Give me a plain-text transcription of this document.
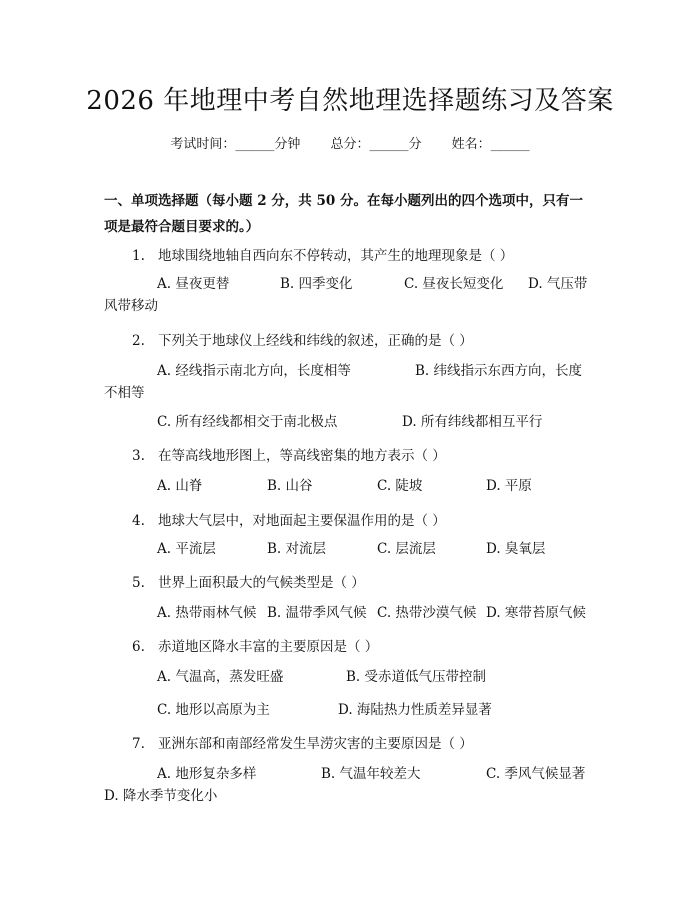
2026 年地理中考自然地理选择题练习及答案
考试时间：______分钟 总分：______分 姓名：______
一、单项选择题（每小题 2 分，共 50 分。在每小题列出的四个选项中，只有一项是最符合题目要求的。）
1. 地球围绕地轴自西向东不停转动，其产生的地理现象是（ ）
A. 昼夜更替	B. 四季变化	C. 昼夜长短变化	D. 气压带风带移动
2. 下列关于地球仪上经线和纬线的叙述，正确的是（ ）
A. 经线指示南北方向，长度相等	B. 纬线指示东西方向，长度不相等
C. 所有经线都相交于南北极点	D. 所有纬线都相互平行
3. 在等高线地形图上，等高线密集的地方表示（ ）
A. 山脊	B. 山谷	C. 陡坡	D. 平原
4. 地球大气层中，对地面起主要保温作用的是（ ）
A. 平流层	B. 对流层	C. 层流层	D. 臭氧层
5. 世界上面积最大的气候类型是（ ）
A. 热带雨林气候 B. 温带季风气候 C. 热带沙漠气候 D. 寒带苔原气候
6. 赤道地区降水丰富的主要原因是（ ）
A. 气温高，蒸发旺盛	B. 受赤道低气压带控制
C. 地形以高原为主	D. 海陆热力性质差异显著
7. 亚洲东部和南部经常发生旱涝灾害的主要原因是（ ）
A. 地形复杂多样	B. 气温年较差大	C. 季风气候显著
D. 降水季节变化小
